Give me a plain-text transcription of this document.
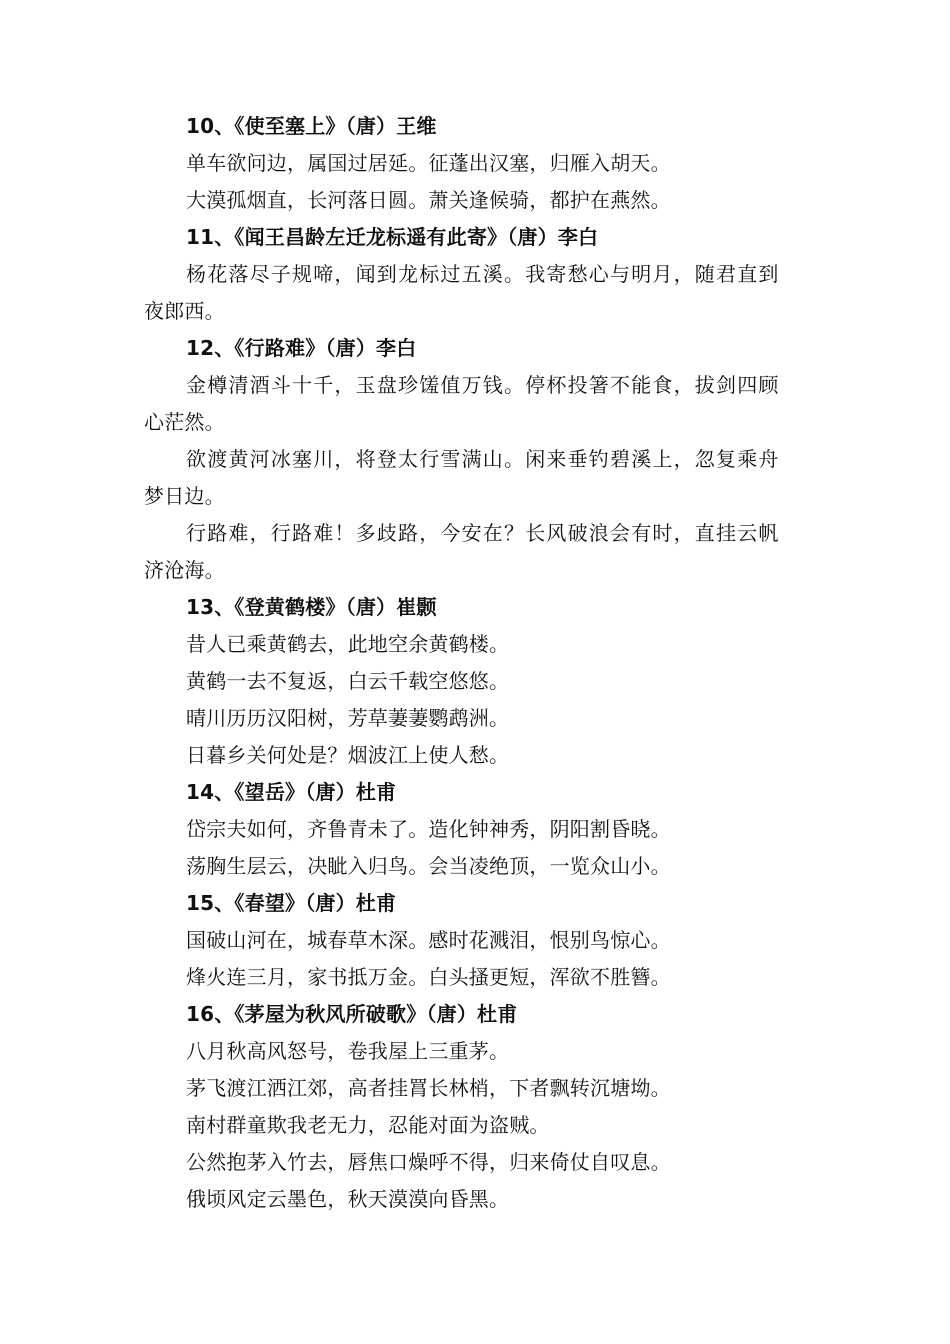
10、《使至塞上》（唐）王维
单车欲问边，属国过居延。征蓬出汉塞，归雁入胡天。
大漠孤烟直，长河落日圆。萧关逢候骑，都护在燕然。
11、《闻王昌龄左迁龙标遥有此寄》（唐）李白
杨花落尽子规啼，闻到龙标过五溪。我寄愁心与明月，随君直到
夜郎西。
12、《行路难》（唐）李白
金樽清酒斗十千，玉盘珍馐值万钱。停杯投箸不能食，拔剑四顾
心茫然。
欲渡黄河冰塞川，将登太行雪满山。闲来垂钓碧溪上，忽复乘舟
梦日边。
行路难，行路难！多歧路，今安在？长风破浪会有时，直挂云帆
济沧海。
13、《登黄鹤楼》（唐）崔颢
昔人已乘黄鹤去，此地空余黄鹤楼。
黄鹤一去不复返，白云千载空悠悠。
晴川历历汉阳树，芳草萋萋鹦鹉洲。
日暮乡关何处是？烟波江上使人愁。
14、《望岳》（唐）杜甫
岱宗夫如何，齐鲁青未了。造化钟神秀，阴阳割昏晓。
荡胸生层云，决眦入归鸟。会当凌绝顶，一览众山小。
15、《春望》（唐）杜甫
国破山河在，城春草木深。感时花溅泪，恨别鸟惊心。
烽火连三月，家书抵万金。白头搔更短，浑欲不胜簪。
16、《茅屋为秋风所破歌》（唐）杜甫
八月秋高风怒号，卷我屋上三重茅。
茅飞渡江洒江郊，高者挂罥长林梢，下者飘转沉塘坳。
南村群童欺我老无力，忍能对面为盗贼。
公然抱茅入竹去，唇焦口燥呼不得，归来倚仗自叹息。
俄顷风定云墨色，秋天漠漠向昏黑。
